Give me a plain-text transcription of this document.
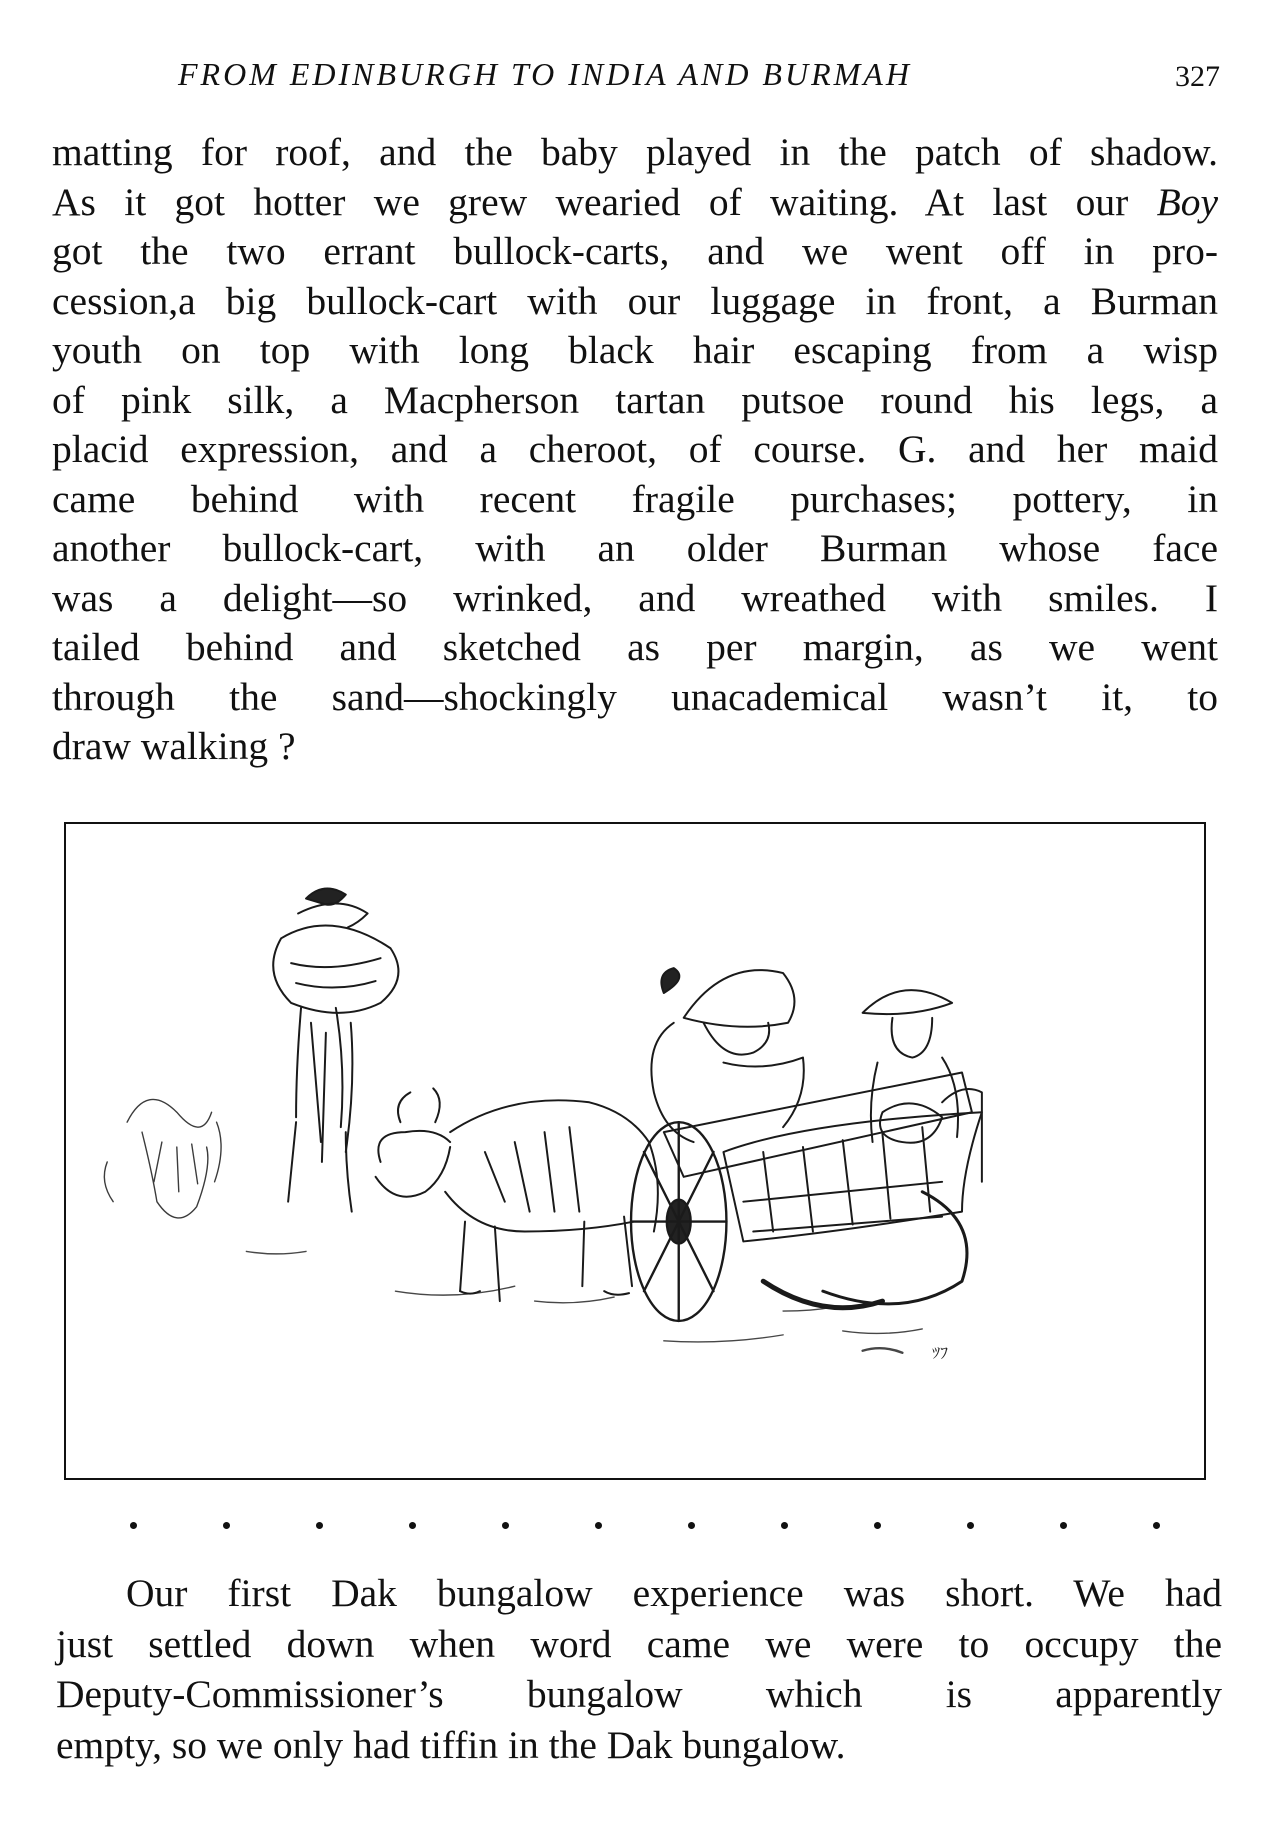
FROM EDINBURGH TO INDIA AND BURMAH	327
matting for roof, and the baby played in the patch of shadow.
As it got hotter we grew wearied of waiting. At last our Boy
got the two errant bullock-carts, and we went off in pro-
cession,a big bullock-cart with our luggage in front, a Burman
youth on top with long black hair escaping from a wisp
of pink silk, a Macpherson tartan putsoe round his legs, a
placid expression, and a cheroot, of course. G. and her maid
came behind with recent fragile purchases; pottery, in
another bullock-cart, with an older Burman whose face
was a delight—so wrinked, and wreathed with smiles. I
tailed behind and sketched as per margin, as we went
through the sand—shockingly unacademical wasn’t it, to
draw walking ?
ﾂﾌ
Our first Dak bungalow experience was short. We had
just settled down when word came we were to occupy the
Deputy-Commissioner’s bungalow which is apparently
empty, so we only had tiffin in the Dak bungalow.
